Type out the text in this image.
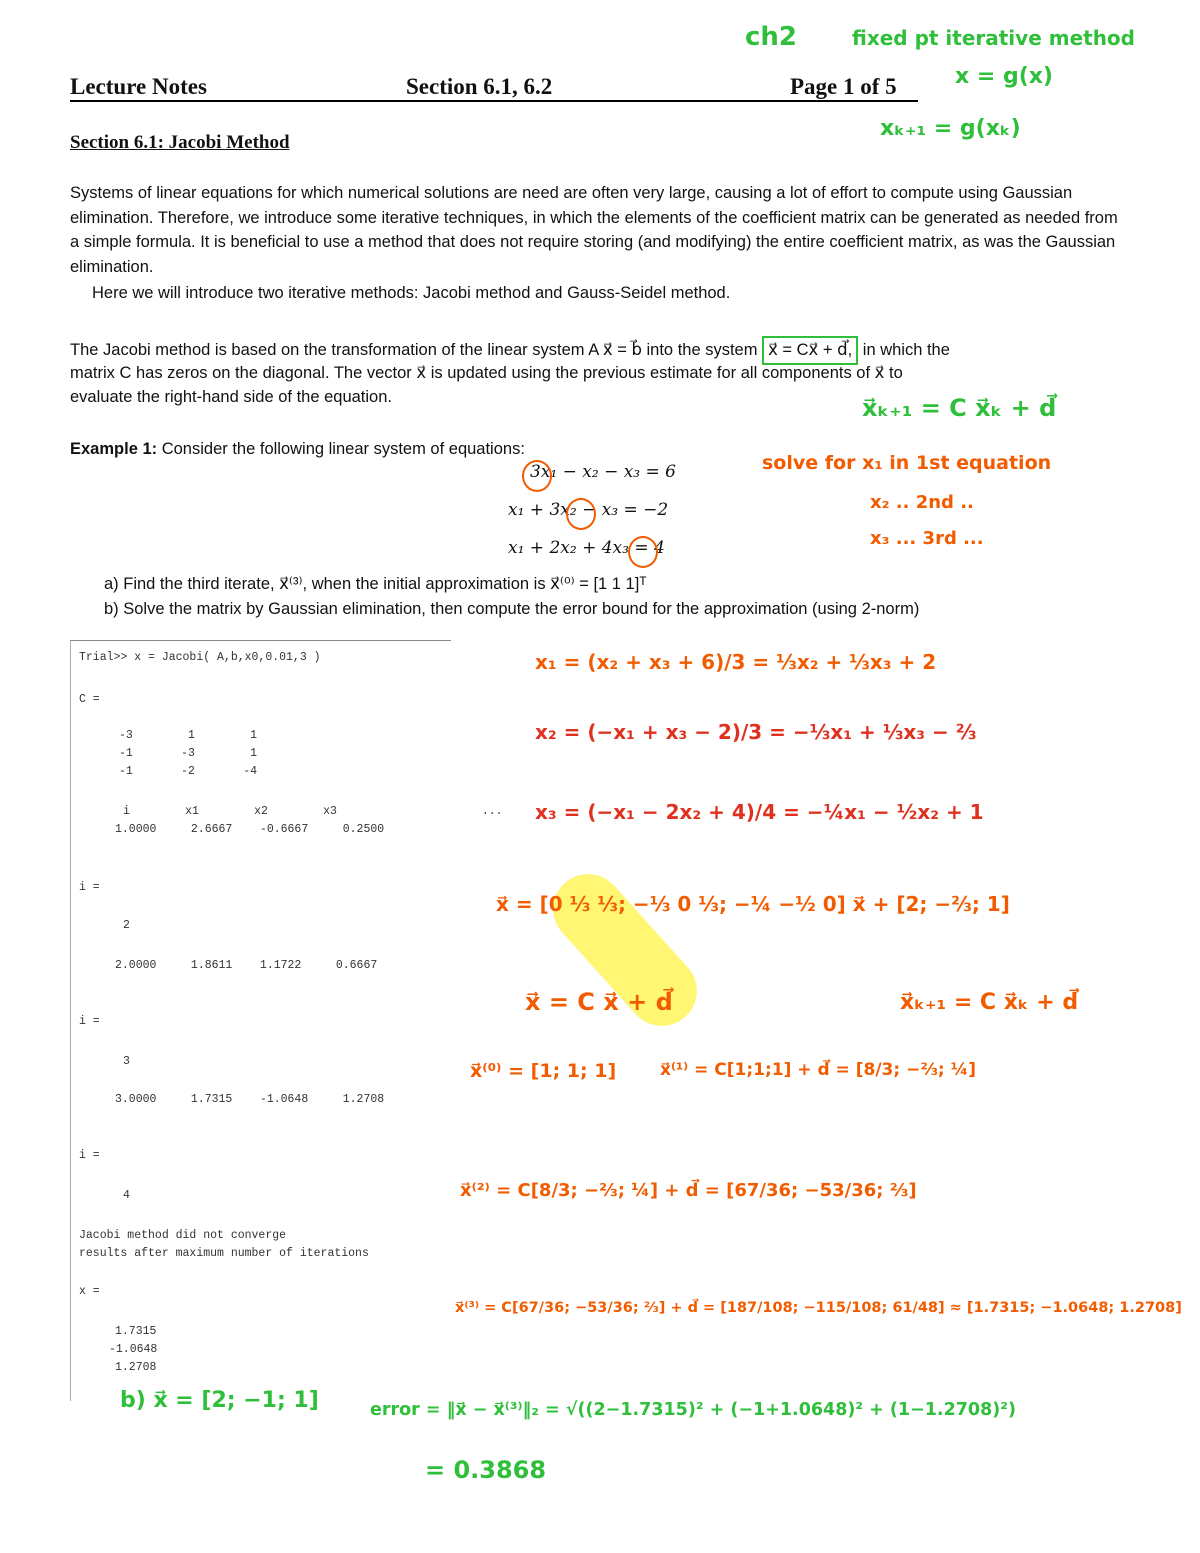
Lecture Notes	Section 6.1, 6.2	Page 1 of 5
Section 6.1: Jacobi Method
Systems of linear equations for which numerical solutions are need are often very large, causing a lot of effort to compute using Gaussian elimination. Therefore, we introduce some iterative techniques, in which the elements of the coefficient matrix can be generated as needed from a simple formula. It is beneficial to use a method that does not require storing (and modifying) the entire coefficient matrix, as was the Gaussian elimination.
Here we will introduce two iterative methods: Jacobi method and Gauss-Seidel method.
The Jacobi method is based on the transformation of the linear system A x⃗ = b⃗ into the system x⃗ = Cx⃗ + d⃗, in which the
matrix C has zeros on the diagonal. The vector x⃗ is updated using the previous estimate for all components of x⃗ to
evaluate the right-hand side of the equation.
Example 1: Consider the following linear system of equations:
3x₁ − x₂ − x₃ = 6
x₁ + 3x₂ − x₃ = −2
x₁ + 2x₂ + 4x₃ = 4
a) Find the third iterate, x⃗⁽³⁾, when the initial approximation is x⃗⁽⁰⁾ = [1 1 1]ᵀ
b) Solve the matrix by Gaussian elimination, then compute the error bound for the approximation (using 2-norm)
Trial>> x = Jacobi( A,b,x0,0.01,3 )
C =
-3        1        1
-1       -3        1
-1       -2       -4
i        x1        x2        x3                     ...
1.0000     2.6667    -0.6667     0.2500
i =
2
2.0000     1.8611    1.1722     0.6667
i =
3
3.0000     1.7315    -1.0648     1.2708
i =
4
Jacobi method did not converge
results after maximum number of iterations
x =
1.7315
-1.0648
1.2708
ch2	fixed pt iterative method
x = g(x)
xₖ₊₁ = g(xₖ)
x⃗ₖ₊₁ = C x⃗ₖ + d⃗
solve for x₁ in 1st equation
x₂ .. 2nd ..
x₃ ... 3rd ...
x₁ = (x₂ + x₃ + 6)/3 = ⅓x₂ + ⅓x₃ + 2
x₂ = (−x₁ + x₃ − 2)/3 = −⅓x₁ + ⅓x₃ − ⅔
x₃ = (−x₁ − 2x₂ + 4)/4 = −¼x₁ − ½x₂ + 1
x⃗ = [0 ⅓ ⅓; −⅓ 0 ⅓; −¼ −½ 0] x⃗ + [2; −⅔; 1]
x⃗ = C x⃗ + d⃗	x⃗ₖ₊₁ = C x⃗ₖ + d⃗
x⃗⁽⁰⁾ = [1; 1; 1]	x⃗⁽¹⁾ = C[1;1;1] + d⃗ = [8/3; −⅔; ¼]
x⃗⁽²⁾ = C[8/3; −⅔; ¼] + d⃗ = [67/36; −53/36; ⅔]
x⃗⁽³⁾ = C[67/36; −53/36; ⅔] + d⃗ = [187/108; −115/108; 61/48] ≈ [1.7315; −1.0648; 1.2708]
b) x⃗ = [2; −1; 1]	error = ‖x⃗ − x⃗⁽³⁾‖₂ = √((2−1.7315)² + (−1+1.0648)² + (1−1.2708)²)
= 0.3868
